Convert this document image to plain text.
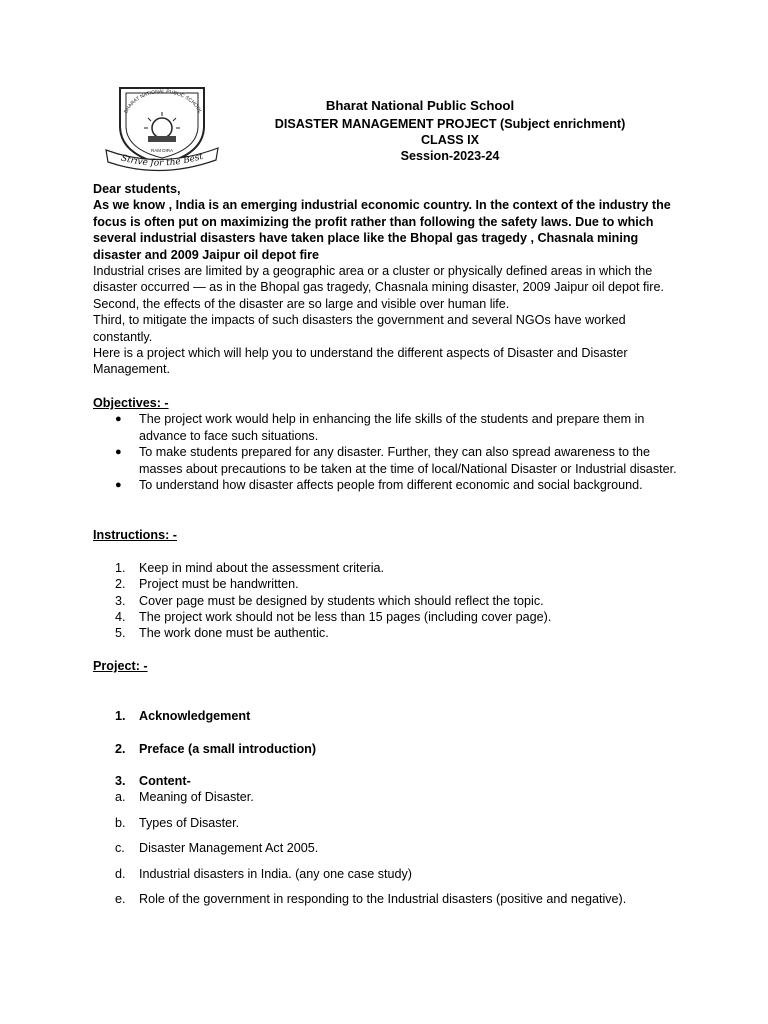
BHARAT NATIONAL PUBLIC SCHOOL
RAM DIRA
Strive for the Best
Bharat National Public School
DISASTER MANAGEMENT PROJECT (Subject enrichment)
CLASS IX
Session-2023-24

Dear students,

As we know , India is an emerging industrial economic country. In the context of the industry the focus is often put on maximizing the profit rather than following the safety laws. Due to which several industrial disasters have taken place like the Bhopal gas tragedy , Chasnala mining disaster and 2009 Jaipur oil depot fire

Industrial crises are limited by a geographic area or a cluster or physically defined areas in which the disaster occurred — as in the Bhopal gas tragedy, Chasnala mining disaster, 2009 Jaipur oil depot fire. Second, the effects of the disaster are so large and visible over human life.

Third, to mitigate the impacts of such disasters the government and several NGOs have worked constantly.

Here is a project which will help you to understand the different aspects of Disaster and Disaster Management.

Objectives: -

● The project work would help in enhancing the life skills of the students and prepare them in advance to face such situations.

● To make students prepared for any disaster. Further, they can also spread awareness to the masses about precautions to be taken at the time of local/National Disaster or Industrial disaster.

● To understand how disaster affects people from different economic and social background.

Instructions: -

1. Keep in mind about the assessment criteria.

2. Project must be handwritten.

3. Cover page must be designed by students which should reflect the topic.

4. The project work should not be less than 15 pages (including cover page).

5. The work done must be authentic.

Project: -

1. Acknowledgement

2. Preface (a small introduction)

3. Content-

a. Meaning of Disaster.

b. Types of Disaster.

c. Disaster Management Act 2005.

d. Industrial disasters in India. (any one case study)

e. Role of the government in responding to the Industrial disasters (positive and negative).
